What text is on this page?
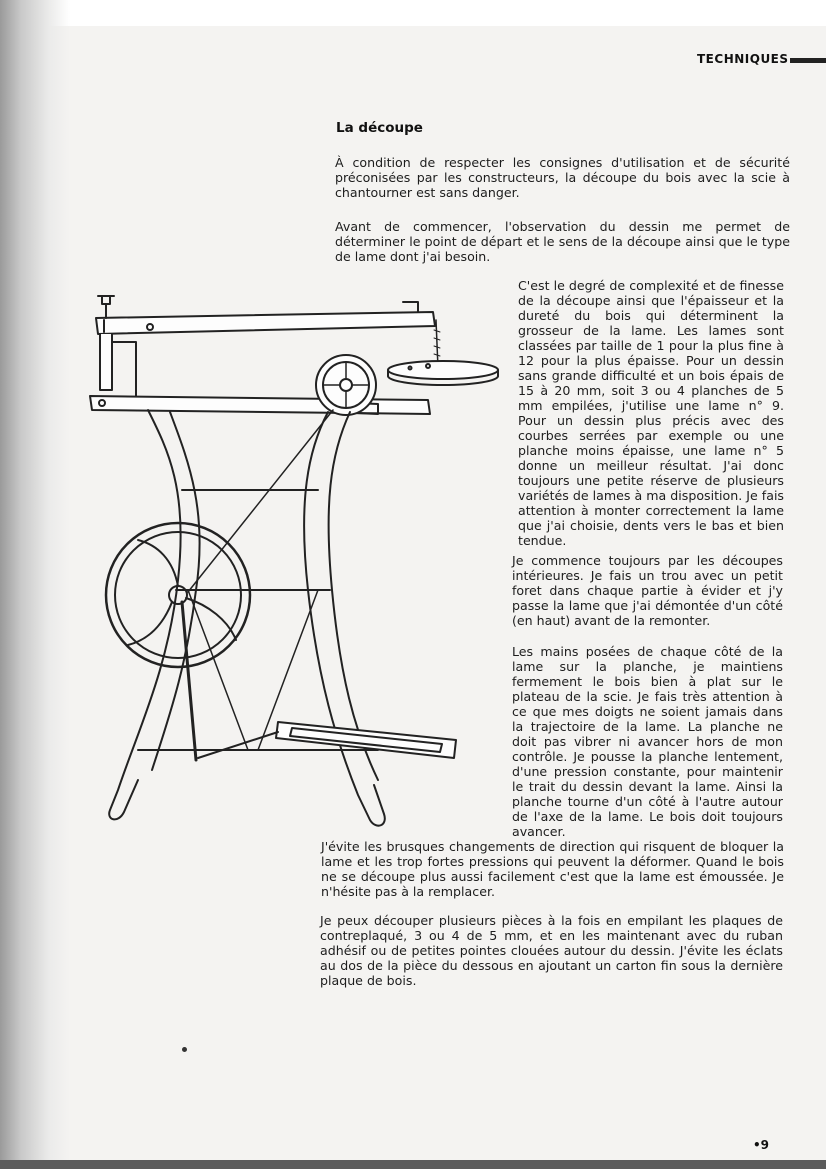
TECHNIQUES
La découpe

À condition de respecter les consignes d'utilisation et de sécurité préconisées par les constructeurs, la découpe du bois avec la scie à chantourner est sans danger.

Avant de commencer, l'observation du dessin me permet de déterminer le point de départ et le sens de la découpe ainsi que le type de lame dont j'ai besoin.

C'est le degré de complexité et de finesse de la découpe ainsi que l'épaisseur et la dureté du bois qui déterminent la grosseur de la lame. Les lames sont classées par taille de 1 pour la plus fine à 12 pour la plus épaisse. Pour un dessin sans grande difficulté et un bois épais de 15 à 20 mm, soit 3 ou 4 planches de 5 mm empilées, j'utilise une lame n° 9. Pour un dessin plus précis avec des courbes serrées par exemple ou une planche moins épaisse, une lame n° 5 donne un meilleur résultat. J'ai donc toujours une petite réserve de plusieurs variétés de lames à ma disposition. Je fais attention à monter correctement la lame que j'ai choisie, dents vers le bas et bien tendue.

Je commence toujours par les découpes intérieures. Je fais un trou avec un petit foret dans chaque partie à évider et j'y passe la lame que j'ai démontée d'un côté (en haut) avant de la remonter.

Les mains posées de chaque côté de la lame sur la planche, je maintiens fermement le bois bien à plat sur le plateau de la scie. Je fais très attention à ce que mes doigts ne soient jamais dans la trajectoire de la lame. La planche ne doit pas vibrer ni avancer hors de mon contrôle. Je pousse la planche lentement, d'une pression constante, pour maintenir le trait du dessin devant la lame. Ainsi la planche tourne d'un côté à l'autre autour de l'axe de la lame. Le bois doit toujours avancer.

J'évite les brusques changements de direction qui risquent de bloquer la lame et les trop fortes pressions qui peuvent la déformer. Quand le bois ne se découpe plus aussi facilement c'est que la lame est émoussée. Je n'hésite pas à la remplacer.

Je peux découper plusieurs pièces à la fois en empilant les plaques de contreplaqué, 3 ou 4 de 5 mm, et en les maintenant avec du ruban adhésif ou de petites pointes clouées autour du dessin. J'évite les éclats au dos de la pièce du dessous en ajoutant un carton fin sous la dernière plaque de bois.

•9
